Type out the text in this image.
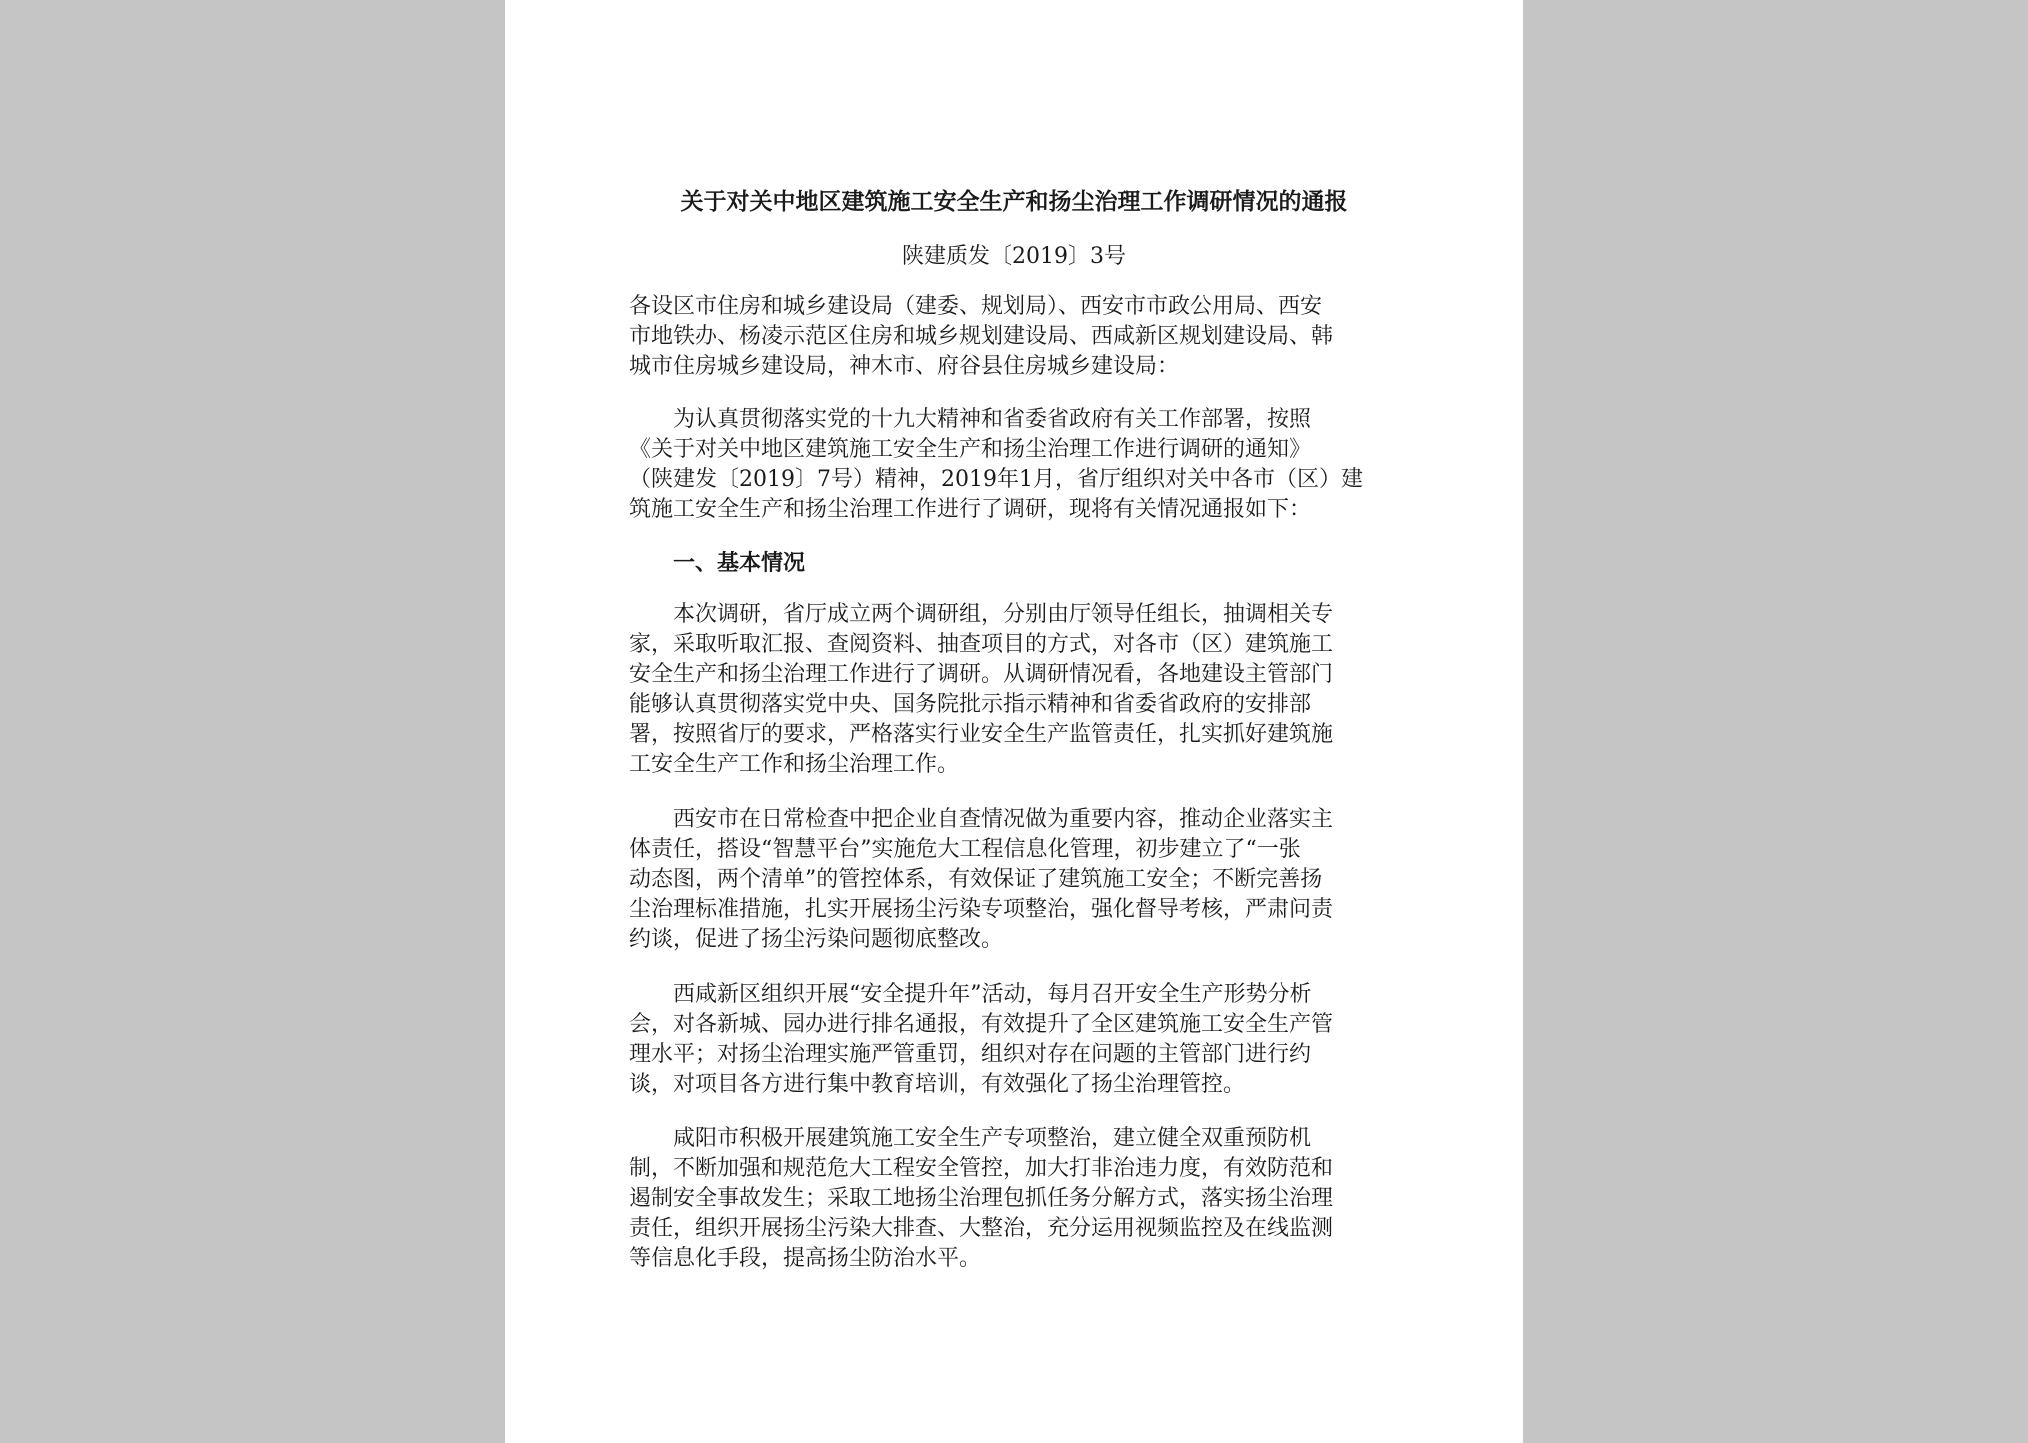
关于对关中地区建筑施工安全生产和扬尘治理工作调研情况的通报
陕建质发〔2019〕3号
各设区市住房和城乡建设局（建委、规划局）、西安市市政公用局、西安
市地铁办、杨凌示范区住房和城乡规划建设局、西咸新区规划建设局、韩
城市住房城乡建设局，神木市、府谷县住房城乡建设局：
为认真贯彻落实党的十九大精神和省委省政府有关工作部署，按照
《关于对关中地区建筑施工安全生产和扬尘治理工作进行调研的通知》
（陕建发〔2019〕7号）精神，2019年1月，省厅组织对关中各市（区）建
筑施工安全生产和扬尘治理工作进行了调研，现将有关情况通报如下：
一、基本情况
本次调研，省厅成立两个调研组，分别由厅领导任组长，抽调相关专
家，采取听取汇报、查阅资料、抽查项目的方式，对各市（区）建筑施工
安全生产和扬尘治理工作进行了调研。从调研情况看，各地建设主管部门
能够认真贯彻落实党中央、国务院批示指示精神和省委省政府的安排部
署，按照省厅的要求，严格落实行业安全生产监管责任，扎实抓好建筑施
工安全生产工作和扬尘治理工作。
西安市在日常检查中把企业自查情况做为重要内容，推动企业落实主
体责任，搭设“智慧平台”实施危大工程信息化管理，初步建立了“一张
动态图，两个清单”的管控体系，有效保证了建筑施工安全；不断完善扬
尘治理标准措施，扎实开展扬尘污染专项整治，强化督导考核，严肃问责
约谈，促进了扬尘污染问题彻底整改。
西咸新区组织开展“安全提升年”活动，每月召开安全生产形势分析
会，对各新城、园办进行排名通报，有效提升了全区建筑施工安全生产管
理水平；对扬尘治理实施严管重罚，组织对存在问题的主管部门进行约
谈，对项目各方进行集中教育培训，有效强化了扬尘治理管控。
咸阳市积极开展建筑施工安全生产专项整治，建立健全双重预防机
制，不断加强和规范危大工程安全管控，加大打非治违力度，有效防范和
遏制安全事故发生；采取工地扬尘治理包抓任务分解方式，落实扬尘治理
责任，组织开展扬尘污染大排查、大整治，充分运用视频监控及在线监测
等信息化手段，提高扬尘防治水平。
